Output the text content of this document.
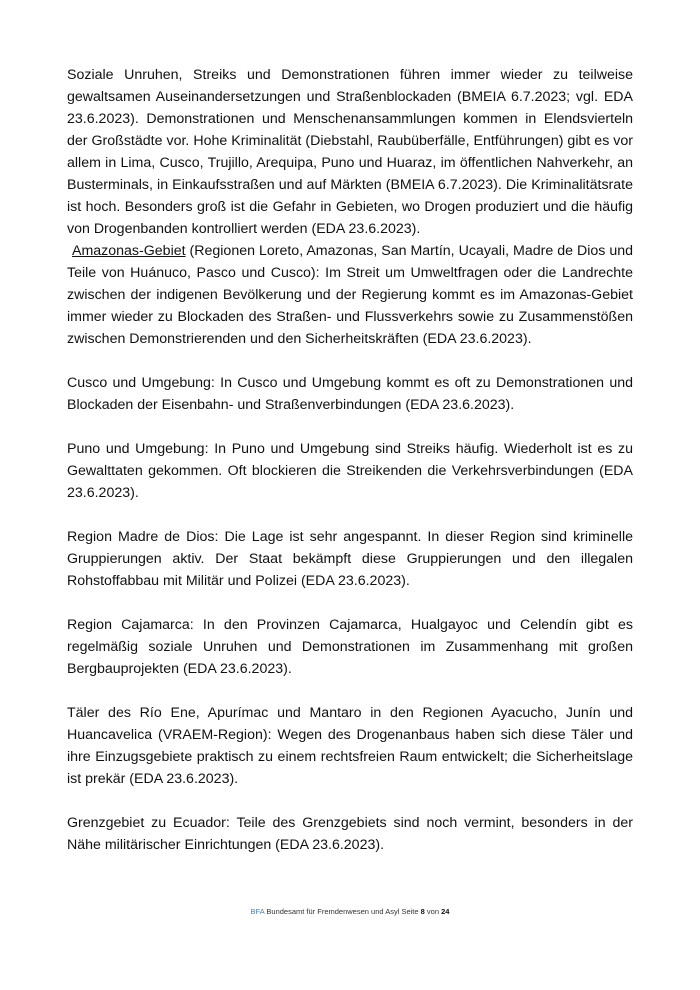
Soziale Unruhen, Streiks und Demonstrationen führen immer wieder zu teilweise gewaltsamen Auseinandersetzungen und Straßenblockaden (BMEIA 6.7.2023; vgl. EDA 23.6.2023). Demonstrationen und Menschenansammlungen kommen in Elendsvierteln der Großstädte vor. Hohe Kriminalität (Diebstahl, Raubüberfälle, Entführungen) gibt es vor allem in Lima, Cusco, Trujillo, Arequipa, Puno und Huaraz, im öffentlichen Nahverkehr, an Busterminals, in Einkaufsstraßen und auf Märkten (BMEIA 6.7.2023). Die Kriminalitätsrate ist hoch. Besonders groß ist die Gefahr in Gebieten, wo Drogen produziert und die häufig von Drogenbanden kontrolliert werden (EDA 23.6.2023).

Amazonas-Gebiet (Regionen Loreto, Amazonas, San Martín, Ucayali, Madre de Dios und Teile von Huánuco, Pasco und Cusco): Im Streit um Umweltfragen oder die Landrechte zwischen der indigenen Bevölkerung und der Regierung kommt es im Amazonas-Gebiet immer wieder zu Blockaden des Straßen- und Flussverkehrs sowie zu Zusammenstößen zwischen Demonstrierenden und den Sicherheitskräften (EDA 23.6.2023).

Cusco und Umgebung: In Cusco und Umgebung kommt es oft zu Demonstrationen und Blockaden der Eisenbahn- und Straßenverbindungen (EDA 23.6.2023).

Puno und Umgebung: In Puno und Umgebung sind Streiks häufig. Wiederholt ist es zu Gewalttaten gekommen. Oft blockieren die Streikenden die Verkehrsverbindungen (EDA 23.6.2023).

Region Madre de Dios: Die Lage ist sehr angespannt. In dieser Region sind kriminelle Gruppierungen aktiv. Der Staat bekämpft diese Gruppierungen und den illegalen Rohstoffabbau mit Militär und Polizei (EDA 23.6.2023).

Region Cajamarca: In den Provinzen Cajamarca, Hualgayoc und Celendín gibt es regelmäßig soziale Unruhen und Demonstrationen im Zusammenhang mit großen Bergbauprojekten (EDA 23.6.2023).

Täler des Río Ene, Apurímac und Mantaro in den Regionen Ayacucho, Junín und Huancavelica (VRAEM-Region): Wegen des Drogenanbaus haben sich diese Täler und ihre Einzugsgebiete praktisch zu einem rechtsfreien Raum entwickelt; die Sicherheitslage ist prekär (EDA 23.6.2023).

Grenzgebiet zu Ecuador: Teile des Grenzgebiets sind noch vermint, besonders in der Nähe militärischer Einrichtungen (EDA 23.6.2023).

BFA Bundesamt für Fremdenwesen und Asyl Seite 8 von 24
